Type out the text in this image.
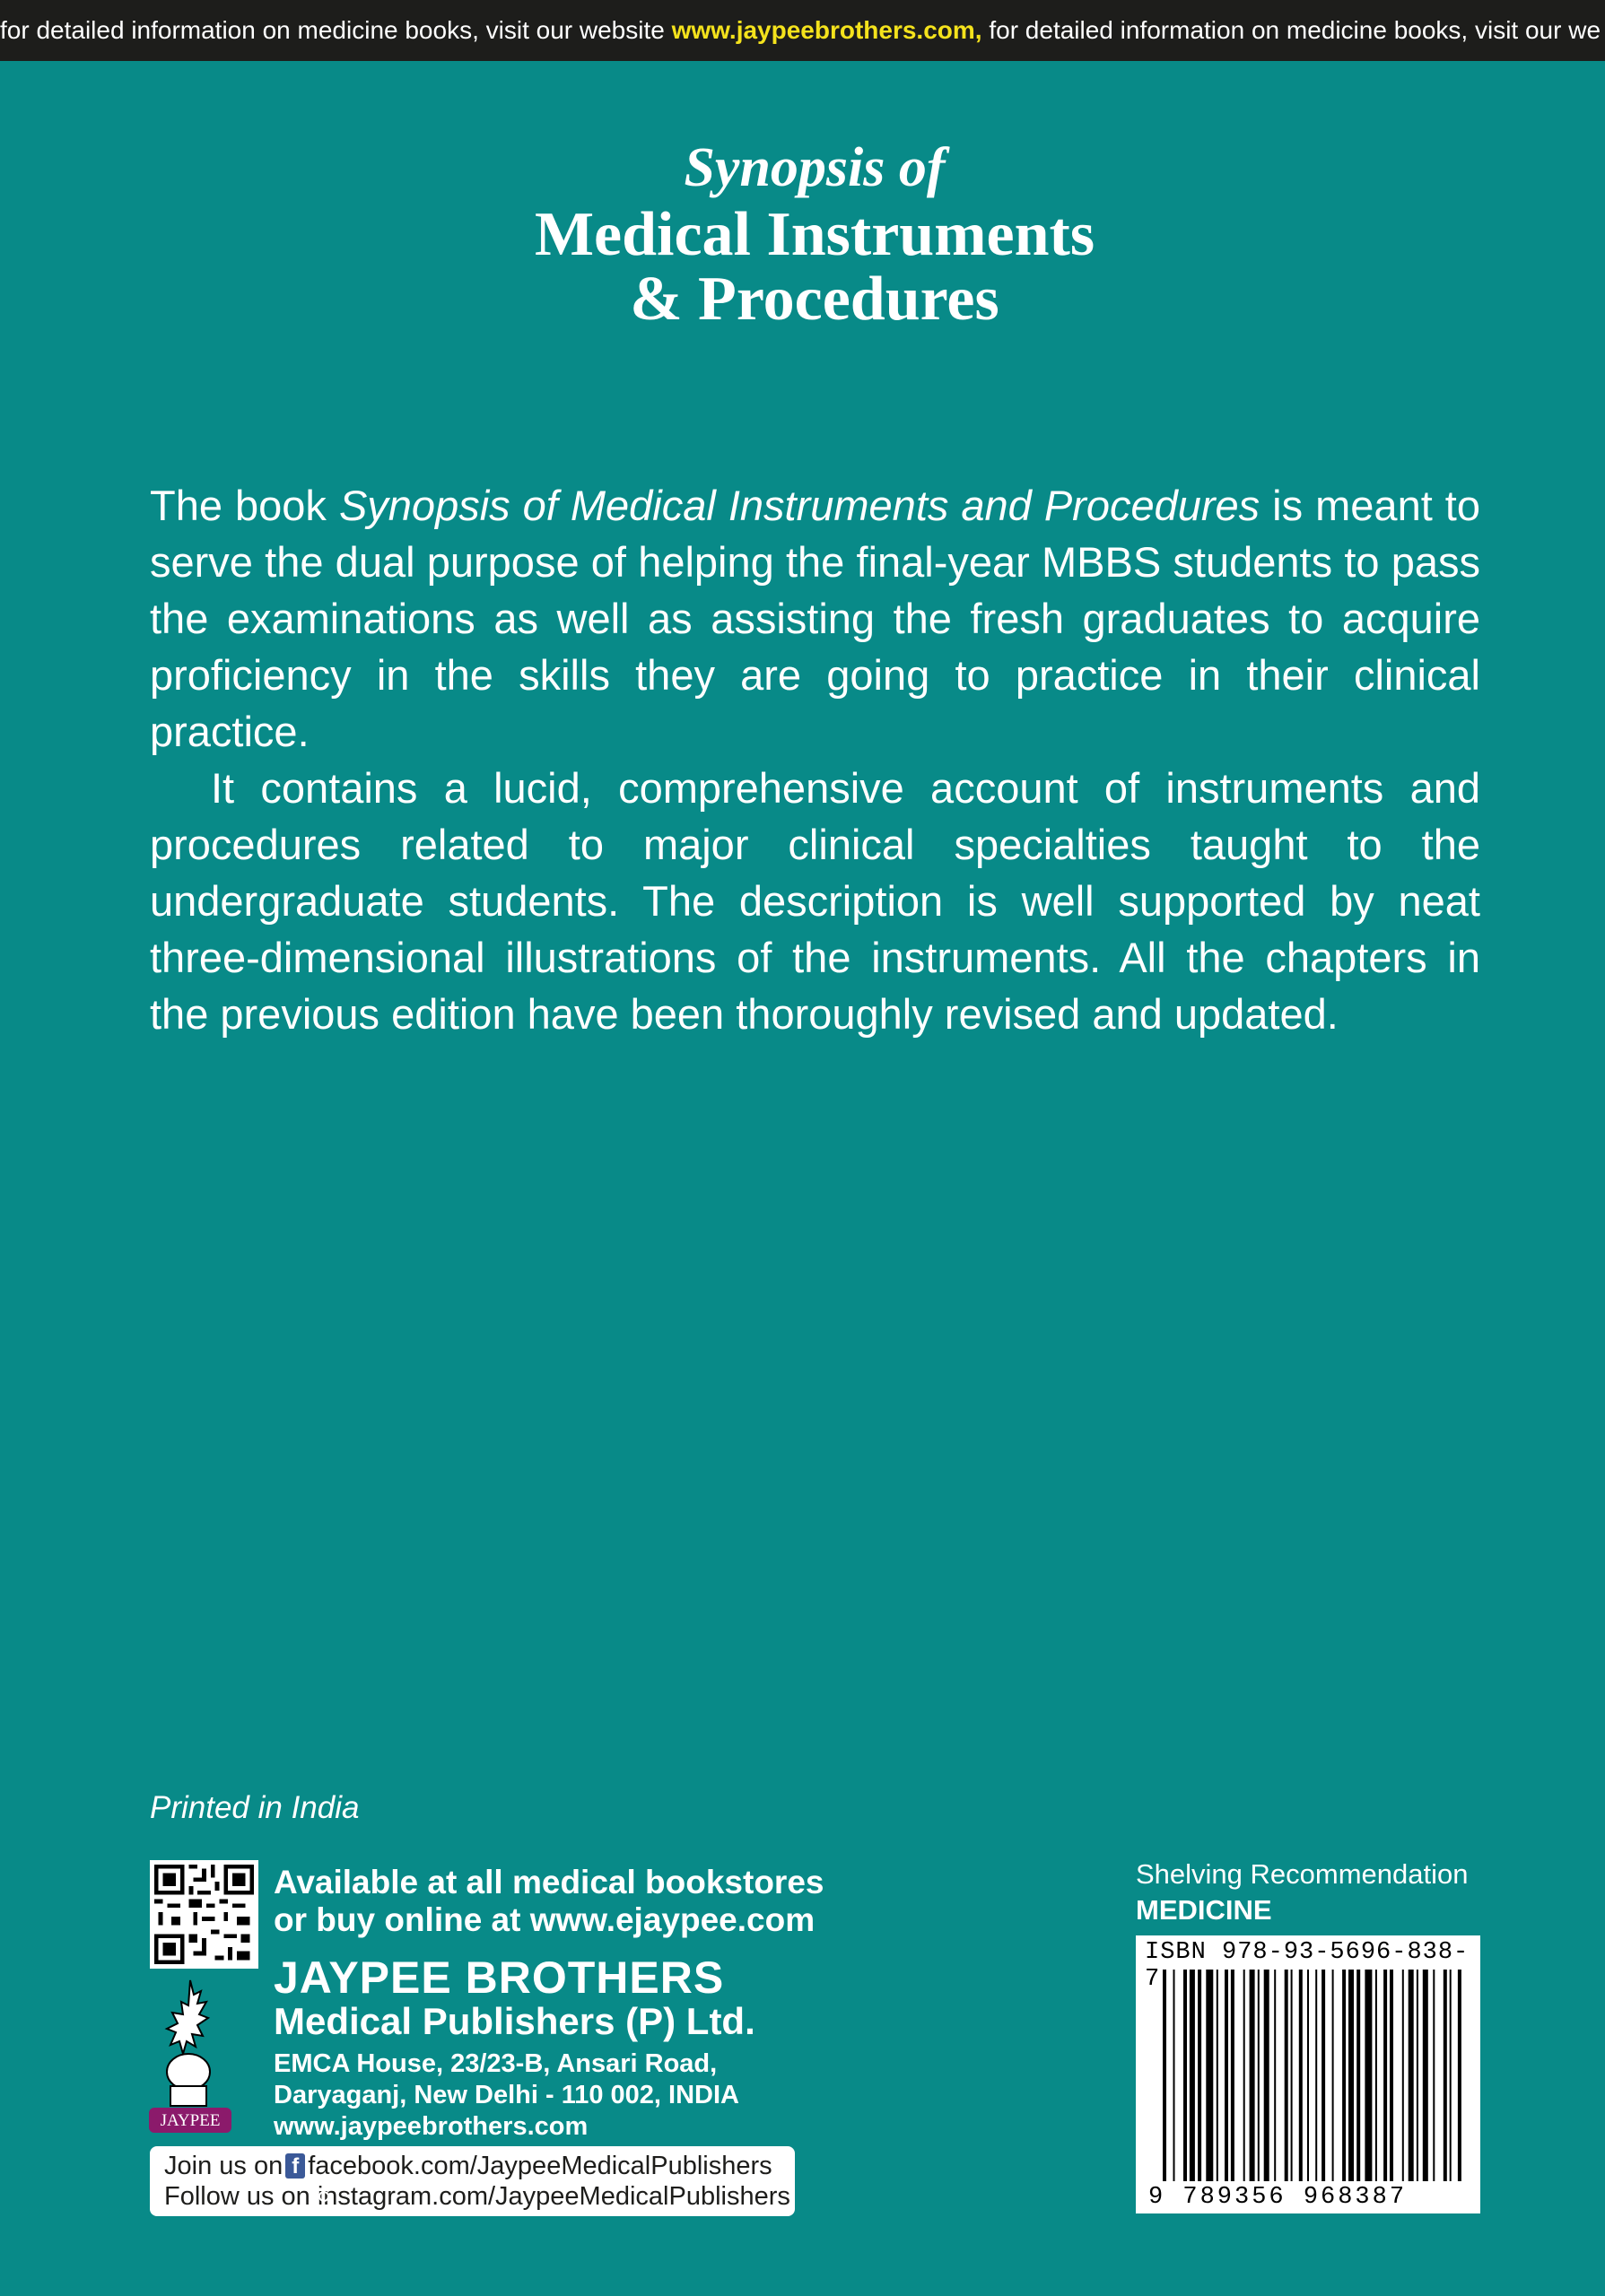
for detailed information on medicine books, visit our website www.jaypeebrothers.com, for detailed information on medicine books, visit our we
Synopsis of
Medical Instruments
& Procedures

The book Synopsis of Medical Instruments and Procedures is meant to serve the dual purpose of helping the final-year MBBS students to pass the examinations as well as assisting the fresh graduates to acquire proficiency in the skills they are going to practice in their clinical practice.

It contains a lucid, comprehensive account of instruments and procedures related to major clinical specialties taught to the undergraduate students. The description is well supported by neat three-dimensional illustrations of the instruments. All the chapters in the previous edition have been thoroughly revised and updated.

Printed in India
Available at all medical bookstores
or buy online at www.ejaypee.com
JAYPEE
JAYPEE BROTHERS
Medical Publishers (P) Ltd.
EMCA House, 23/23-B, Ansari Road,
Daryaganj, New Delhi - 110 002, INDIA
www.jaypeebrothers.com
Join us on f facebook.com/JaypeeMedicalPublishers
Follow us on instagram.com/JaypeeMedicalPublishers
Shelving Recommendation
MEDICINE
ISBN 978-93-5696-838-7
9 789356 968387
